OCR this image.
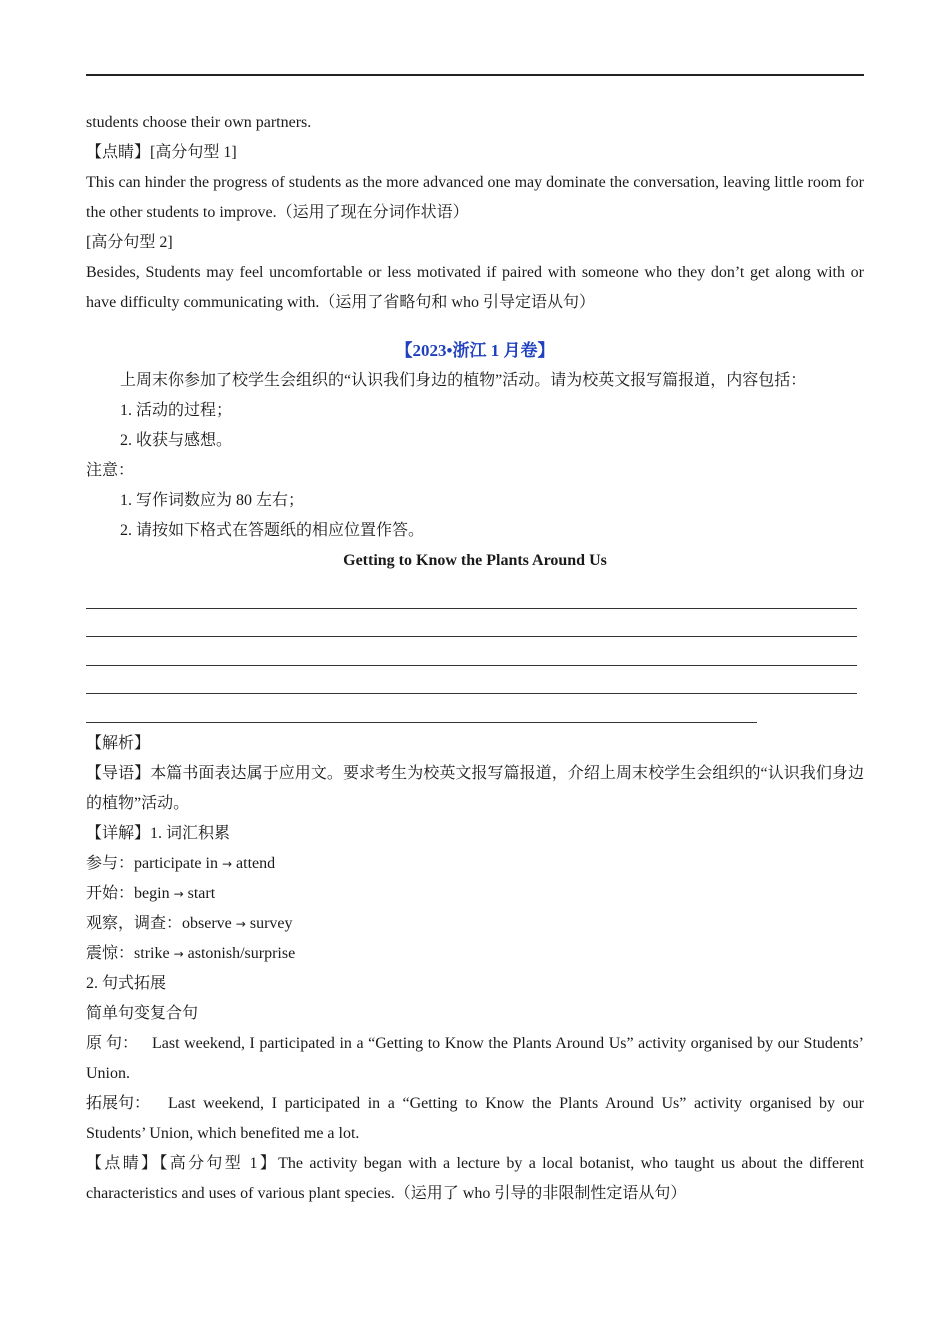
students choose their own partners.

【点睛】[高分句型 1]

This can hinder the progress of students as the more advanced one may dominate the conversation, leaving little room for the other students to improve.（运用了现在分词作状语）

[高分句型 2]

Besides, Students may feel uncomfortable or less motivated if paired with someone who they don’t get along with or have difficulty communicating with.（运用了省略句和 who 引导定语从句）

【2023•浙江 1 月卷】

上周末你参加了校学生会组织的“认识我们身边的植物”活动。请为校英文报写篇报道，内容包括：

1. 活动的过程；

2. 收获与感想。

注意：

1. 写作词数应为 80 左右；

2. 请按如下格式在答题纸的相应位置作答。

Getting to Know the Plants Around Us

【解析】

【导语】本篇书面表达属于应用文。要求考生为校英文报写篇报道，介绍上周末校学生会组织的“认识我们身边的植物”活动。

【详解】1. 词汇积累

参与：participate in → attend

开始：begin → start

观察，调查：observe → survey

震惊：strike → astonish/surprise

2. 句式拓展

简单句变复合句

原 句： Last weekend, I participated in a “Getting to Know the Plants Around Us” activity organised by our Students’ Union.

拓展句： Last weekend, I participated in a “Getting to Know the Plants Around Us” activity organised by our Students’ Union, which benefited me a lot.

【点睛】【高分句型 1】The activity began with a lecture by a local botanist, who taught us about the different characteristics and uses of various plant species.（运用了 who 引导的非限制性定语从句）
